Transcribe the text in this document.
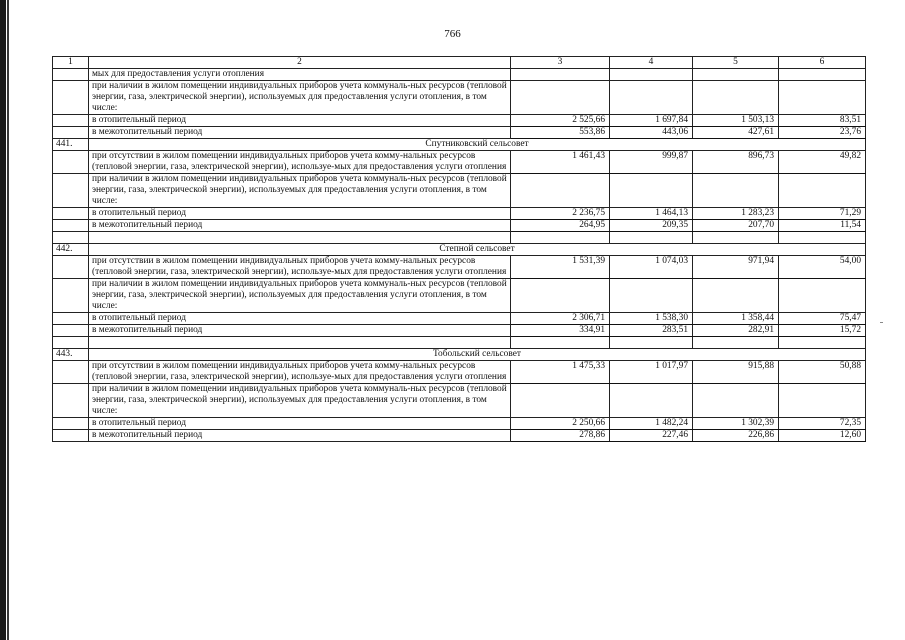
766
1	2	3	4	5	6
	мых для предоставления услуги отопления				
	при наличии в жилом помещении индивидуальных приборов учета коммуналь-ных ресурсов (тепловой энергии, газа, электрической энергии), используемых для предоставления услуги отопления, в том числе:				
	в отопительный период	2 525,66	1 697,84	1 503,13	83,51
	в межотопительный период	553,86	443,06	427,61	23,76
441.	Спутниковский сельсовет				
	при отсутствии в жилом помещении индивидуальных приборов учета комму-нальных ресурсов (тепловой энергии, газа, электрической энергии), используе-мых для предоставления услуги отопления	1 461,43	999,87	896,73	49,82
	при наличии в жилом помещении индивидуальных приборов учета коммуналь-ных ресурсов (тепловой энергии, газа, электрической энергии), используемых для предоставления услуги отопления, в том числе:				
	в отопительный период	2 236,75	1 464,13	1 283,23	71,29
	в межотопительный период	264,95	209,35	207,70	11,54

442.	Степной сельсовет				
	при отсутствии в жилом помещении индивидуальных приборов учета комму-нальных ресурсов (тепловой энергии, газа, электрической энергии), используе-мых для предоставления услуги отопления	1 531,39	1 074,03	971,94	54,00
	при наличии в жилом помещении индивидуальных приборов учета коммуналь-ных ресурсов (тепловой энергии, газа, электрической энергии), используемых для предоставления услуги отопления, в том числе:				
	в отопительный период	2 306,71	1 538,30	1 358,44	75,47
	в межотопительный период	334,91	283,51	282,91	15,72

443.	Тобольский сельсовет				
	при отсутствии в жилом помещении индивидуальных приборов учета комму-нальных ресурсов (тепловой энергии, газа, электрической энергии), используе-мых для предоставления услуги отопления	1 475,33	1 017,97	915,88	50,88
	при наличии в жилом помещении индивидуальных приборов учета коммуналь-ных ресурсов (тепловой энергии, газа, электрической энергии), используемых для предоставления услуги отопления, в том числе:				
	в отопительный период	2 250,66	1 482,24	1 302,39	72,35
	в межотопительный период	278,86	227,46	226,86	12,60
